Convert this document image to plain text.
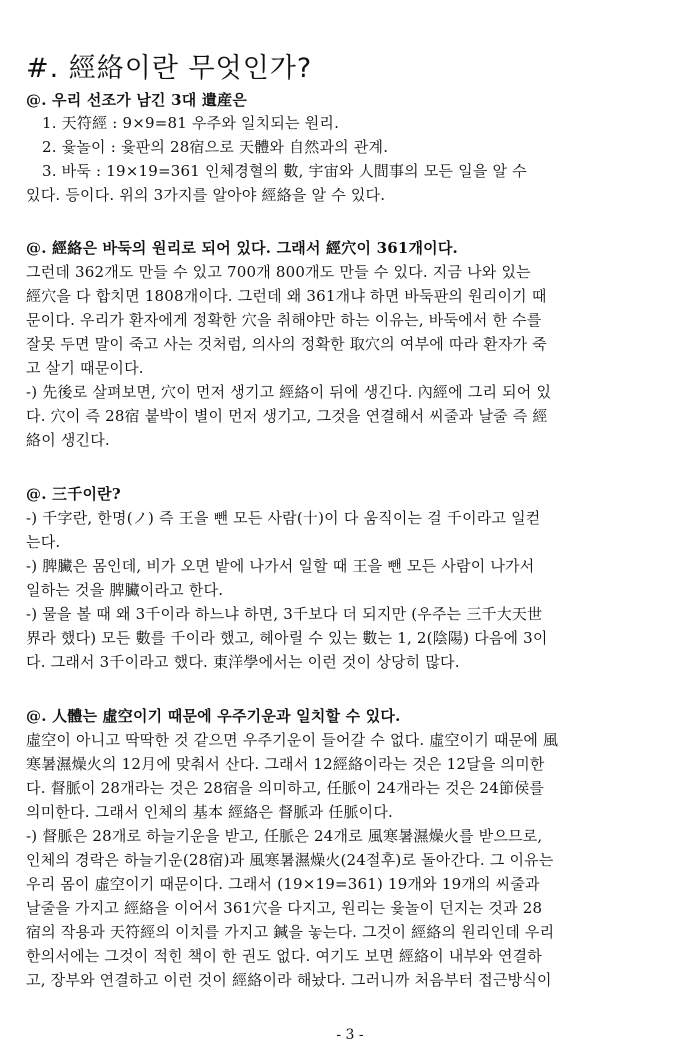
#. 經絡이란 무엇인가?
@. 우리 선조가 남긴 3대 遺産은
1. 天符經 : 9×9=81 우주와 일치되는 원리.
2. 윷놀이 : 윷판의 28宿으로 天體와 自然과의 관계.
3. 바둑 : 19×19=361 인체경혈의 數, 宇宙와 人間事의 모든 일을 알 수
있다. 등이다. 위의 3가지를 알아야 經絡을 알 수 있다.
@. 經絡은 바둑의 원리로 되어 있다. 그래서 經穴이 361개이다.
그런데 362개도 만들 수 있고 700개 800개도 만들 수 있다. 지금 나와 있는
經穴을 다 합치면 1808개이다. 그런데 왜 361개냐 하면 바둑판의 원리이기 때
문이다. 우리가 환자에게 정확한 穴을 취해야만 하는 이유는, 바둑에서 한 수를
잘못 두면 말이 죽고 사는 것처럼, 의사의 정확한 取穴의 여부에 따라 환자가 죽
고 살기 때문이다.
-) 先後로 살펴보면, 穴이 먼저 생기고 經絡이 뒤에 생긴다. 內經에 그리 되어 있
다. 穴이 즉 28宿 붙박이 별이 먼저 생기고, 그것을 연결해서 씨줄과 날줄 즉 經
絡이 생긴다.
@. 三千이란?
-) 千字란, 한명(ノ) 즉 王을 뺀 모든 사람(十)이 다 움직이는 걸 千이라고 일컫
는다.
-) 脾臟은 몸인데, 비가 오면 밭에 나가서 일할 때 王을 뺀 모든 사람이 나가서
일하는 것을 脾臟이라고 한다.
-) 물을 볼 때 왜 3千이라 하느냐 하면, 3千보다 더 되지만 (우주는 三千大天世
界라 했다) 모든 數를 千이라 했고, 헤아릴 수 있는 數는 1, 2(陰陽) 다음에 3이
다. 그래서 3千이라고 했다. 東洋學에서는 이런 것이 상당히 많다.
@. 人體는 虛空이기 때문에 우주기운과 일치할 수 있다.
虛空이 아니고 딱딱한 것 같으면 우주기운이 들어갈 수 없다. 虛空이기 때문에 風
寒暑濕燥火의 12月에 맞춰서 산다. 그래서 12經絡이라는 것은 12달을 의미한
다. 督脈이 28개라는 것은 28宿을 의미하고, 任脈이 24개라는 것은 24節侯를
의미한다. 그래서 인체의 基本 經絡은 督脈과 任脈이다.
-) 督脈은 28개로 하늘기운을 받고, 任脈은 24개로 風寒暑濕燥火를 받으므로,
인체의 경락은 하늘기운(28宿)과 風寒暑濕燥火(24절후)로 돌아간다. 그 이유는
우리 몸이 虛空이기 때문이다. 그래서 (19×19=361) 19개와 19개의 씨줄과
날줄을 가지고 經絡을 이어서 361穴을 다지고, 원리는 윷놀이 던지는 것과 28
宿의 작용과 天符經의 이치를 가지고 鍼을 놓는다. 그것이 經絡의 원리인데 우리
한의서에는 그것이 적힌 책이 한 권도 없다. 여기도 보면 經絡이 내부와 연결하
고, 장부와 연결하고 이런 것이 經絡이라 해놨다. 그러니까 처음부터 접근방식이
- 3 -
